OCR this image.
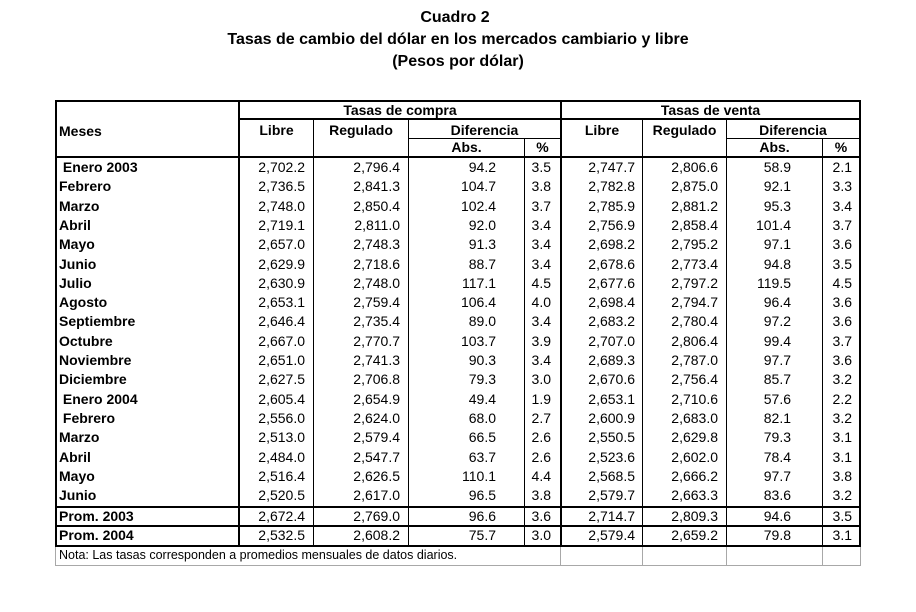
Cuadro 2
Tasas de cambio del dólar en los mercados cambiario y libre
(Pesos por dólar)
Meses
Tasas de compra	Tasas de venta
Libre	Regulado	Diferencia
Abs.	%
Libre	Regulado	Diferencia
Abs.	%
Enero 2003	2,702.2	2,796.4	94.2	3.5	2,747.7	2,806.6	58.9	2.1
Febrero	2,736.5	2,841.3	104.7	3.8	2,782.8	2,875.0	92.1	3.3
Marzo	2,748.0	2,850.4	102.4	3.7	2,785.9	2,881.2	95.3	3.4
Abril	2,719.1	2,811.0	92.0	3.4	2,756.9	2,858.4	101.4	3.7
Mayo	2,657.0	2,748.3	91.3	3.4	2,698.2	2,795.2	97.1	3.6
Junio	2,629.9	2,718.6	88.7	3.4	2,678.6	2,773.4	94.8	3.5
Julio	2,630.9	2,748.0	117.1	4.5	2,677.6	2,797.2	119.5	4.5
Agosto	2,653.1	2,759.4	106.4	4.0	2,698.4	2,794.7	96.4	3.6
Septiembre	2,646.4	2,735.4	89.0	3.4	2,683.2	2,780.4	97.2	3.6
Octubre	2,667.0	2,770.7	103.7	3.9	2,707.0	2,806.4	99.4	3.7
Noviembre	2,651.0	2,741.3	90.3	3.4	2,689.3	2,787.0	97.7	3.6
Diciembre	2,627.5	2,706.8	79.3	3.0	2,670.6	2,756.4	85.7	3.2
Enero 2004	2,605.4	2,654.9	49.4	1.9	2,653.1	2,710.6	57.6	2.2
Febrero	2,556.0	2,624.0	68.0	2.7	2,600.9	2,683.0	82.1	3.2
Marzo	2,513.0	2,579.4	66.5	2.6	2,550.5	2,629.8	79.3	3.1
Abril	2,484.0	2,547.7	63.7	2.6	2,523.6	2,602.0	78.4	3.1
Mayo	2,516.4	2,626.5	110.1	4.4	2,568.5	2,666.2	97.7	3.8
Junio	2,520.5	2,617.0	96.5	3.8	2,579.7	2,663.3	83.6	3.2
Prom. 2003	2,672.4	2,769.0	96.6	3.6	2,714.7	2,809.3	94.6	3.5
Prom. 2004	2,532.5	2,608.2	75.7	3.0	2,579.4	2,659.2	79.8	3.1
Nota: Las tasas corresponden a promedios mensuales de datos diarios.
